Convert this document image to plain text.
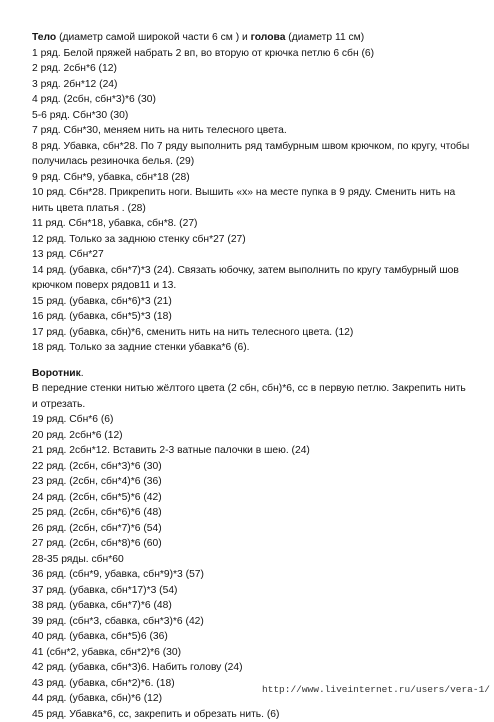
Тело (диаметр самой широкой части 6 см ) и голова (диаметр 11 см)
1 ряд. Белой пряжей набрать 2 вп, во вторую от крючка петлю 6 сбн (6)
2 ряд. 2сбн*6 (12)
3 ряд. 2бн*12 (24)
4 ряд. (2сбн, сбн*3)*6 (30)
5-6 ряд. Сбн*30 (30)
7 ряд. Сбн*30, меняем нить на нить телесного цвета.
8 ряд. Убавка, сбн*28. По 7 ряду выполнить ряд тамбурным швом крючком, по кругу, чтобы получилась резиночка белья. (29)
9 ряд. Сбн*9, убавка, сбн*18 (28)
10 ряд. Сбн*28. Прикрепить ноги. Вышить «х» на месте пупка в 9 ряду. Сменить нить на нить цвета платья . (28)
11 ряд. Сбн*18, убавка, сбн*8. (27)
12 ряд. Только за заднюю стенку сбн*27 (27)
13 ряд. Сбн*27
14 ряд. (убавка, сбн*7)*3 (24). Связать юбочку, затем выполнить по кругу тамбурный шов крючком поверх рядов11 и 13.
15 ряд. (убавка, сбн*6)*3 (21)
16 ряд. (убавка, сбн*5)*3 (18)
17 ряд. (убавка, сбн)*6, сменить нить на нить телесного цвета. (12)
18 ряд. Только за задние стенки убавка*6 (6).
Воротник.
В передние стенки нитью жёлтого цвета (2 сбн, сбн)*6, сс в первую петлю. Закрепить нить и отрезать.
19 ряд. Сбн*6 (6)
20 ряд. 2сбн*6 (12)
21 ряд. 2сбн*12. Вставить 2-3 ватные палочки в шею. (24)
22 ряд. (2сбн, сбн*3)*6 (30)
23 ряд. (2сбн, сбн*4)*6 (36)
24 ряд. (2сбн, сбн*5)*6 (42)
25 ряд. (2сбн, сбн*6)*6 (48)
26 ряд. (2сбн, сбн*7)*6 (54)
27 ряд. (2сбн, сбн*8)*6 (60)
28-35 ряды. сбн*60
36 ряд. (сбн*9, убавка, сбн*9)*3 (57)
37 ряд. (убавка, сбн*17)*3 (54)
38 ряд. (убавка, сбн*7)*6 (48)
39 ряд. (сбн*3, сбавка, сбн*3)*6 (42)
40 ряд. (убавка, сбн*5)6 (36)
41 (сбн*2, убавка, сбн*2)*6 (30)
42 ряд. (убавка, сбн*3)6. Набить голову (24)
43 ряд. (убавка, сбн*2)*6. (18)
44 ряд. (убавка, сбн)*6 (12)
45 ряд. Убавка*6, сс, закрепить и обрезать нить. (6)
http://www.liveinternet.ru/users/vera-1/
